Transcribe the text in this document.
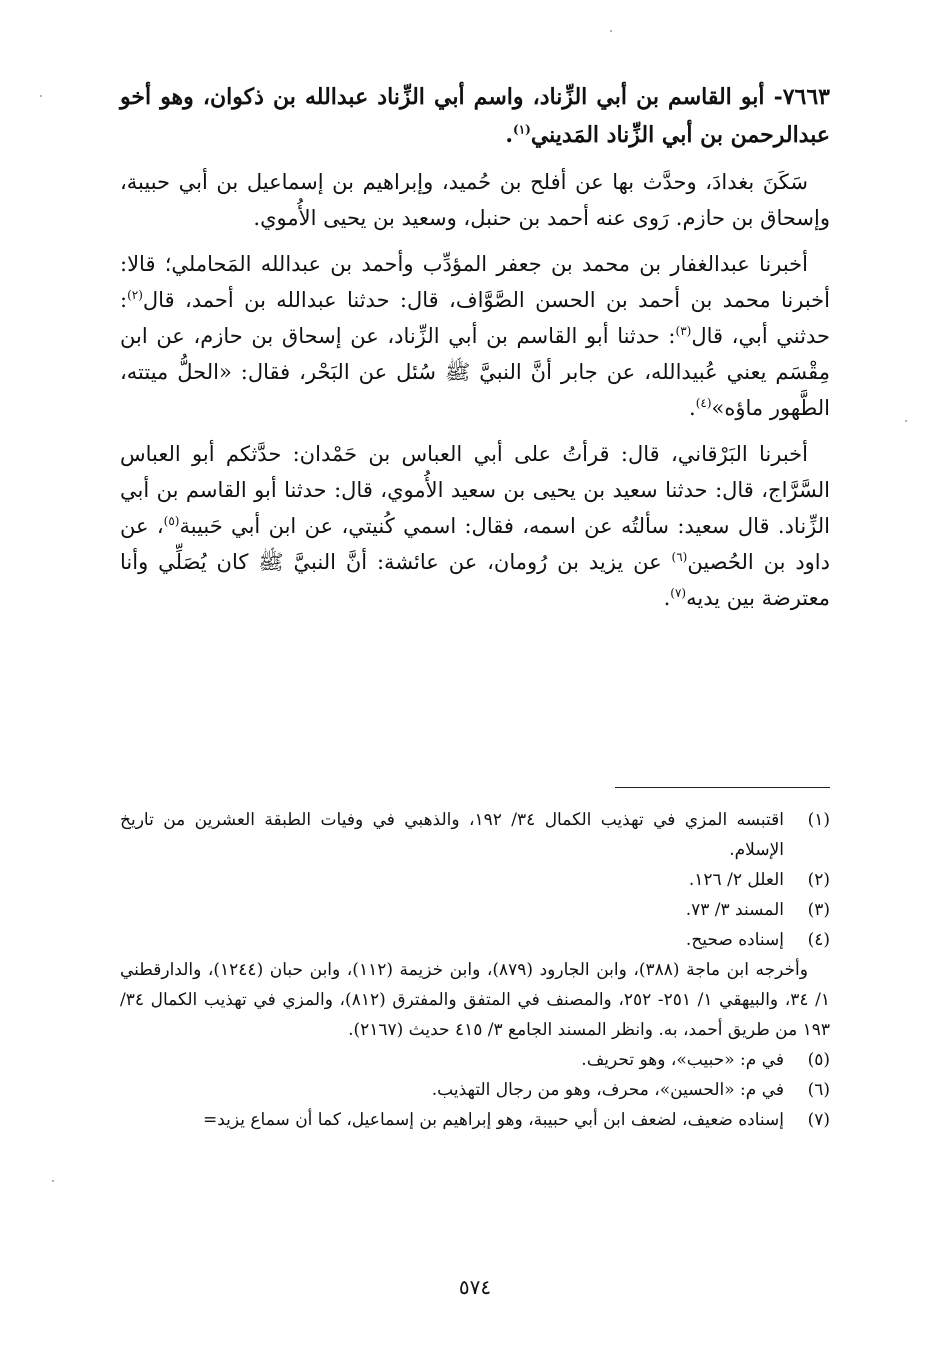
٧٦٦٣- أبو القاسم بن أبي الزِّناد، واسم أبي الزِّناد عبدالله بن ذكوان، وهو أخو عبدالرحمن بن أبي الزِّناد المَديني$^{(١)}$.

سَكَنَ بغدادَ، وحدَّث بها عن أفلح بن حُميد، وإبراهيم بن إسماعيل بن أبي حبيبة، وإسحاق بن حازم. رَوى عنه أحمد بن حنبل، وسعيد بن يحيى الأُموي.

أخبرنا عبدالغفار بن محمد بن جعفر المؤدِّب وأحمد بن عبدالله المَحاملي؛ قالا: أخبرنا محمد بن أحمد بن الحسن الصَّوَّاف، قال: حدثنا عبدالله بن أحمد، قال$^{(٢)}$: حدثني أبي، قال$^{(٣)}$: حدثنا أبو القاسم بن أبي الزِّناد، عن إسحاق بن حازم، عن ابن مِقْسَم يعني عُبيدالله، عن جابر أنَّ النبيَّ ﷺ سُئل عن البَحْر، فقال: «الحلُّ ميتته، الطَّهور ماؤه»$^{(٤)}$.

أخبرنا البَرْقاني، قال: قرأتُ على أبي العباس بن حَمْدان: حدَّثكم أبو العباس السَّرَّاج، قال: حدثنا سعيد بن يحيى بن سعيد الأُموي، قال: حدثنا أبو القاسم بن أبي الزِّناد. قال سعيد: سألتُه عن اسمه، فقال: اسمي كُنيتي، عن ابن أبي حَبيبة$^{(٥)}$، عن داود بن الحُصين$^{(٦)}$ عن يزيد بن رُومان، عن عائشة: أنَّ النبيَّ ﷺ كان يُصَلِّي وأنا معترضة بين يديه$^{(٧)}$.

(١)
اقتبسه المزي في تهذيب الكمال ٣٤/ ١٩٢، والذهبي في وفيات الطبقة العشرين من تاريخ الإسلام.
(٢)
العلل ٢/ ١٢٦.
(٣)
المسند ٣/ ٧٣.
(٤)
إسناده صحيح.

وأخرجه ابن ماجة (٣٨٨)، وابن الجارود (٨٧٩)، وابن خزيمة (١١٢)، وابن حبان (١٢٤٤)، والدارقطني ١/ ٣٤، والبيهقي ١/ ٢٥١- ٢٥٢، والمصنف في المتفق والمفترق (٨١٢)، والمزي في تهذيب الكمال ٣٤/ ١٩٣ من طريق أحمد، به. وانظر المسند الجامع ٣/ ٤١٥ حديث (٢١٦٧).

(٥)
في م: «حبيب»، وهو تحريف.
(٦)
في م: «الحسين»، محرف، وهو من رجال التهذيب.
(٧)
إسناده ضعيف، لضعف ابن أبي حبيبة، وهو إبراهيم بن إسماعيل، كما أن سماع يزيد=
٥٧٤
